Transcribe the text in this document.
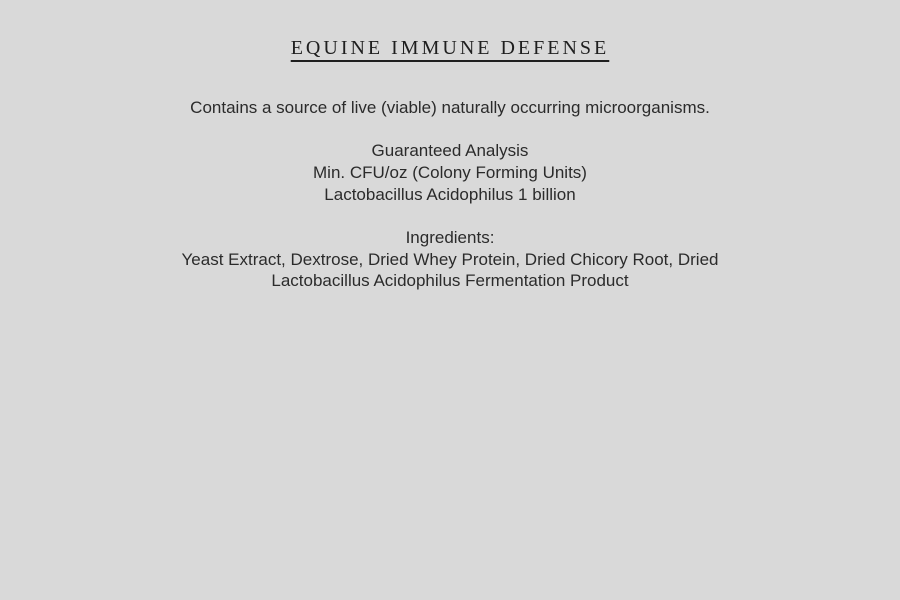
EQUINE IMMUNE DEFENSE
Contains a source of live (viable) naturally occurring microorganisms.
Guaranteed Analysis
Min. CFU/oz (Colony Forming Units)
Lactobacillus Acidophilus 1 billion
Ingredients:
Yeast Extract, Dextrose, Dried Whey Protein, Dried Chicory Root, Dried Lactobacillus Acidophilus Fermentation Product
